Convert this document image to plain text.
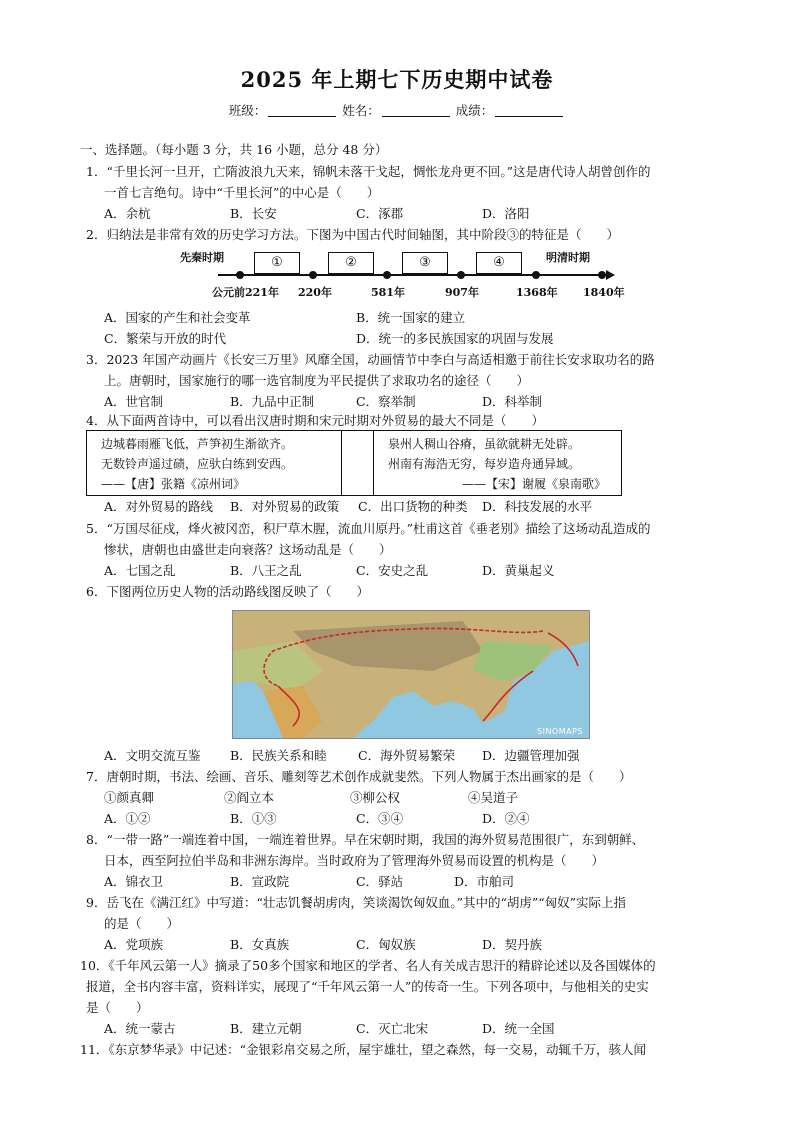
2025 年上期七下历史期中试卷
班级：	姓名：	成绩：
一、选择题。（每小题 3 分，共 16 小题，总分 48 分）
1．“千里长河一旦开，亡隋波浪九天来，锦帆未落干戈起，惆怅龙舟更不回。”这是唐代诗人胡曾创作的
一首七言绝句。诗中“千里长河”的中心是（　　）
A．余杭	B．长安	C．涿郡	D．洛阳
2．归纳法是非常有效的历史学习方法。下图为中国古代时间轴图，其中阶段③的特征是（　　）
先秦时期	明清时期
①	②	③	④
公元前221年 220年	581年	907年	1368年 1840年
A．国家的产生和社会变革	B．统一国家的建立
C．繁荣与开放的时代	D．统一的多民族国家的巩固与发展
3．2023 年国产动画片《长安三万里》风靡全国，动画情节中李白与高适相邀于前往长安求取功名的路
上。唐朝时，国家施行的哪一选官制度为平民提供了求取功名的途径（　　）
A．世官制	B．九品中正制	C．察举制	D．科举制
4．从下面两首诗中，可以看出汉唐时期和宋元时期对外贸易的最大不同是（　　）
边城暮雨雁飞低，芦笋初生渐欲齐。
无数铃声遥过碛，应驮白练到安西。
——【唐】张籍《凉州词》
泉州人稠山谷瘠，虽欲就耕无处辟。
州南有海浩无穷，每岁造舟通异域。
——【宋】谢履《泉南歌》
A．对外贸易的路线 B．对外贸易的政策 C．出口货物的种类 D．科技发展的水平
5．“万国尽征戍，烽火被冈峦，积尸草木腥，流血川原丹。”杜甫这首《垂老别》描绘了这场动乱造成的
惨状，唐朝也由盛世走向衰落？这场动乱是（　　）
A．七国之乱	B．八王之乱	C．安史之乱	D．黄巢起义
6．下图两位历史人物的活动路线图反映了（　　）
SINOMAPS
A．文明交流互鉴 B．民族关系和睦	C．海外贸易繁荣 D．边疆管理加强
7．唐朝时期，书法、绘画、音乐、雕刻等艺术创作成就斐然。下列人物属于杰出画家的是（　　）
①颜真卿	②阎立本	③柳公权	④吴道子
A．①②	B．①③	C．③④	D．②④
8．“一带一路”一端连着中国，一端连着世界。早在宋朝时期，我国的海外贸易范围很广，东到朝鲜、
日本，西至阿拉伯半岛和非洲东海岸。当时政府为了管理海外贸易而设置的机构是（　　）
A．锦衣卫	B．宣政院	C．驿站	D．市舶司
9．岳飞在《满江红》中写道：“壮志饥餐胡虏肉，笑谈渴饮匈奴血。”其中的“胡虏”“匈奴”实际上指
的是（　　）
A．党项族	B．女真族	C．匈奴族	D．契丹族
10．《千年风云第一人》摘录了50多个国家和地区的学者、名人有关成吉思汗的精辟论述以及各国媒体的
报道，全书内容丰富，资料详实，展现了“千年风云第一人”的传奇一生。下列各项中，与他相关的史实
是（　　）
A．统一蒙古	B．建立元朝	C．灭亡北宋	D．统一全国
11．《东京梦华录》中记述：“金银彩帛交易之所，屋宇雄壮，望之森然，每一交易，动辄千万，骇人闻
